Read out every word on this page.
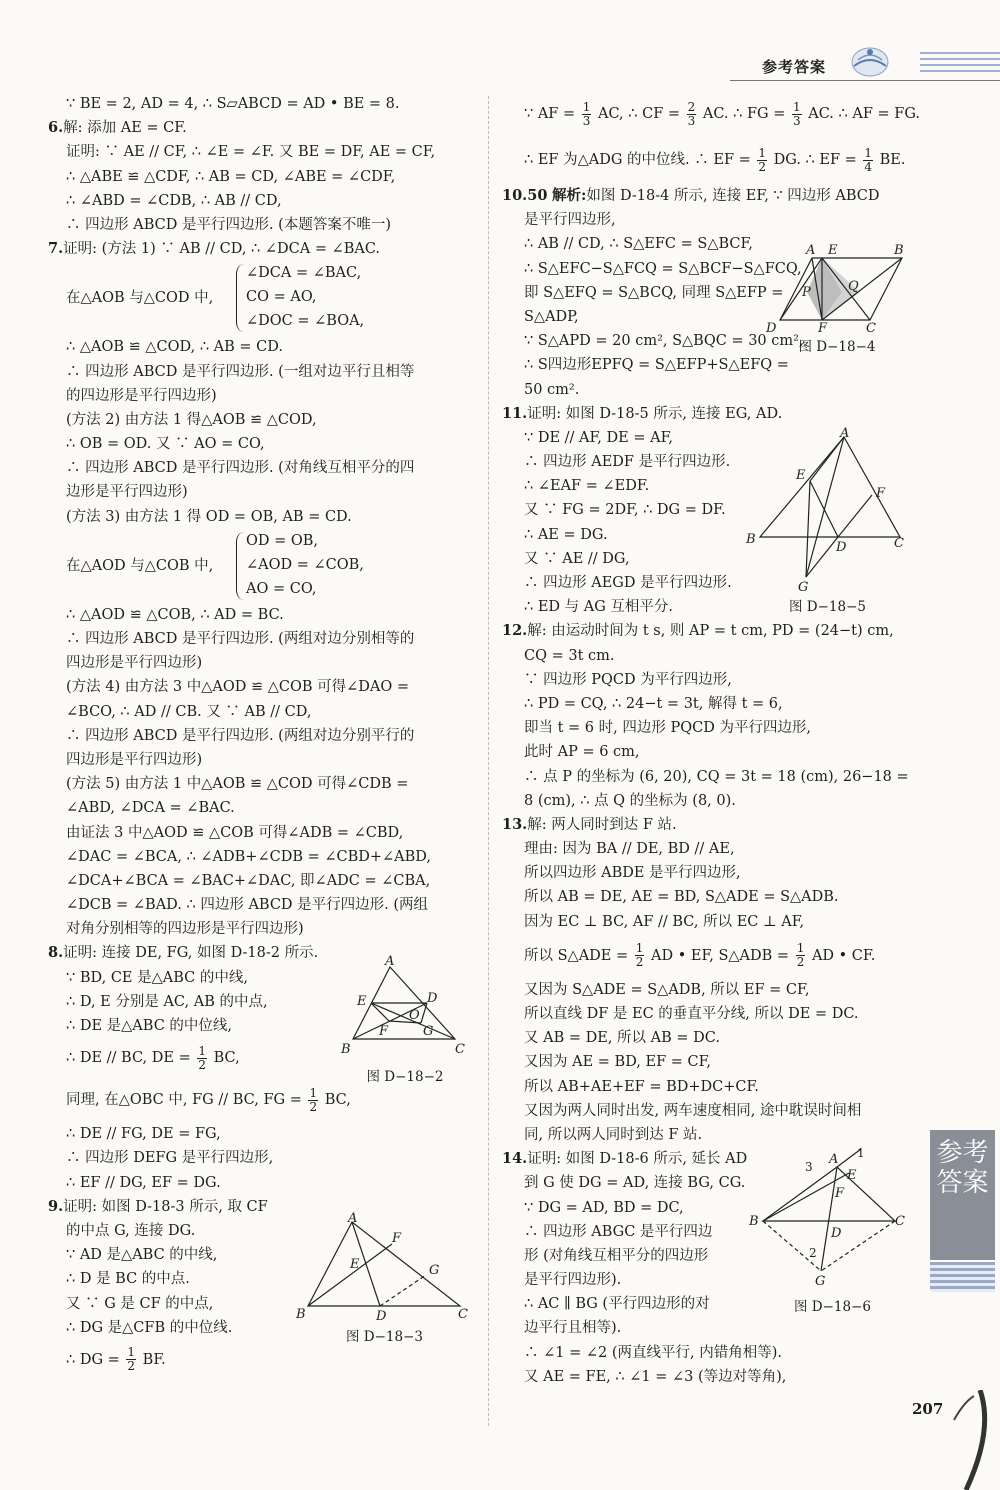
参考答案
∵ BE = 2, AD = 4, ∴ S▱ABCD = AD • BE = 8.
6.解: 添加 AE = CF.
证明: ∵ AE // CF, ∴ ∠E = ∠F. 又 BE = DF, AE = CF,
∴ △ABE ≌ △CDF, ∴ AB = CD, ∠ABE = ∠CDF,
∴ ∠ABD = ∠CDB, ∴ AB // CD,
∴ 四边形 ABCD 是平行四边形. (本题答案不唯一)
7.证明: (方法 1) ∵ AB // CD, ∴ ∠DCA = ∠BAC.
在△AOB 与△COD 中,
∠DCA = ∠BAC,
CO = AO,
∠DOC = ∠BOA,
∴ △AOB ≌ △COD, ∴ AB = CD.
∴ 四边形 ABCD 是平行四边形. (一组对边平行且相等
的四边形是平行四边形)
(方法 2) 由方法 1 得△AOB ≌ △COD,
∴ OB = OD. 又 ∵ AO = CO,
∴ 四边形 ABCD 是平行四边形. (对角线互相平分的四
边形是平行四边形)
(方法 3) 由方法 1 得 OD = OB, AB = CD.
在△AOD 与△COB 中,
OD = OB,
∠AOD = ∠COB,
AO = CO,
∴ △AOD ≌ △COB, ∴ AD = BC.
∴ 四边形 ABCD 是平行四边形. (两组对边分别相等的
四边形是平行四边形)
(方法 4) 由方法 3 中△AOD ≌ △COB 可得∠DAO =
∠BCO, ∴ AD // CB. 又 ∵ AB // CD,
∴ 四边形 ABCD 是平行四边形. (两组对边分别平行的
四边形是平行四边形)
(方法 5) 由方法 1 中△AOB ≌ △COD 可得∠CDB =
∠ABD, ∠DCA = ∠BAC.
由证法 3 中△AOD ≌ △COB 可得∠ADB = ∠CBD,
∠DAC = ∠BCA, ∴ ∠ADB+∠CDB = ∠CBD+∠ABD,
∠DCA+∠BCA = ∠BAC+∠DAC, 即∠ADC = ∠CBA,
∠DCB = ∠BAD. ∴ 四边形 ABCD 是平行四边形. (两组
对角分别相等的四边形是平行四边形)
8.证明: 连接 DE, FG, 如图 D-18-2 所示.
∵ BD, CE 是△ABC 的中线,
∴ D, E 分别是 AC, AB 的中点,
∴ DE 是△ABC 的中位线,
∴ DE // BC, DE = $\frac{1}{2}$ BC,
同理, 在△OBC 中, FG // BC, FG = $\frac{1}{2}$ BC,
∴ DE // FG, DE = FG,
∴ 四边形 DEFG 是平行四边形,
∴ EF // DG, EF = DG.
9.证明: 如图 D-18-3 所示, 取 CF
的中点 G, 连接 DG.
∵ AD 是△ABC 的中线,
∴ D 是 BC 的中点.
又 ∵ G 是 CF 的中点,
∴ DG 是△CFB 的中位线.
∴ DG = $\frac{1}{2}$ BF.
A
B	C
D
E
F	G
O
图 D−18−2
A
B	C
D
E
F
G
图 D−18−3
∵ AF = $\frac{1}{3}$ AC, ∴ CF = $\frac{2}{3}$ AC. ∴ FG = $\frac{1}{3}$ AC. ∴ AF = FG.
∴ EF 为△ADG 的中位线. ∴ EF = $\frac{1}{2}$ DG. ∴ EF = $\frac{1}{4}$ BE.
10.50 解析:如图 D-18-4 所示, 连接 EF, ∵ 四边形 ABCD
是平行四边形,
∴ AB // CD, ∴ S△EFC = S△BCF,
∴ S△EFC−S△FCQ = S△BCF−S△FCQ,
即 S△EFQ = S△BCQ, 同理 S△EFP =
S△ADP,
∵ S△APD = 20 cm², S△BQC = 30 cm²,
∴ S四边形EPFQ = S△EFP+S△EFQ =
50 cm².
11.证明: 如图 D-18-5 所示, 连接 EG, AD.
∵ DE // AF, DE = AF,
∴ 四边形 AEDF 是平行四边形.
∴ ∠EAF = ∠EDF.
又 ∵ FG = 2DF, ∴ DG = DF.
∴ AE = DG.
又 ∵ AE // DG,
∴ 四边形 AEGD 是平行四边形.
∴ ED 与 AG 互相平分.
12.解: 由运动时间为 t s, 则 AP = t cm, PD = (24−t) cm,
CQ = 3t cm.
∵ 四边形 PQCD 为平行四边形,
∴ PD = CQ, ∴ 24−t = 3t, 解得 t = 6,
即当 t = 6 时, 四边形 PQCD 为平行四边形,
此时 AP = 6 cm,
∴ 点 P 的坐标为 (6, 20), CQ = 3t = 18 (cm), 26−18 =
8 (cm), ∴ 点 Q 的坐标为 (8, 0).
13.解: 两人同时到达 F 站.
理由: 因为 BA // DE, BD // AE,
所以四边形 ABDE 是平行四边形,
所以 AB = DE, AE = BD, S△ADE = S△ADB.
因为 EC ⊥ BC, AF // BC, 所以 EC ⊥ AF,
所以 S△ADE = $\frac{1}{2}$ AD • EF, S△ADB = $\frac{1}{2}$ AD • CF.
又因为 S△ADE = S△ADB, 所以 EF = CF,
所以直线 DF 是 EC 的垂直平分线, 所以 DE = DC.
又 AB = DE, 所以 AB = DC.
又因为 AE = BD, EF = CF,
所以 AB+AE+EF = BD+DC+CF.
又因为两人同时出发, 两车速度相同, 途中耽误时间相
同, 所以两人同时到达 F 站.
14.证明: 如图 D-18-6 所示, 延长 AD
到 G 使 DG = AD, 连接 BG, CG.
∵ DG = AD, BD = DC,
∴ 四边形 ABGC 是平行四边
形 (对角线互相平分的四边形
是平行四边形).
∴ AC ∥ BG (平行四边形的对
边平行且相等).
∴ ∠1 = ∠2 (两直线平行, 内错角相等).
又 AE = FE, ∴ ∠1 = ∠3 (等边对等角),
A E	B
D	F	C
P	Q
图 D−18−4
A
B	C
D
E
F
G
图 D−18−5
A
E
F
B	C
D
G
1
2
3
图 D−18−6
参考
答案
207
